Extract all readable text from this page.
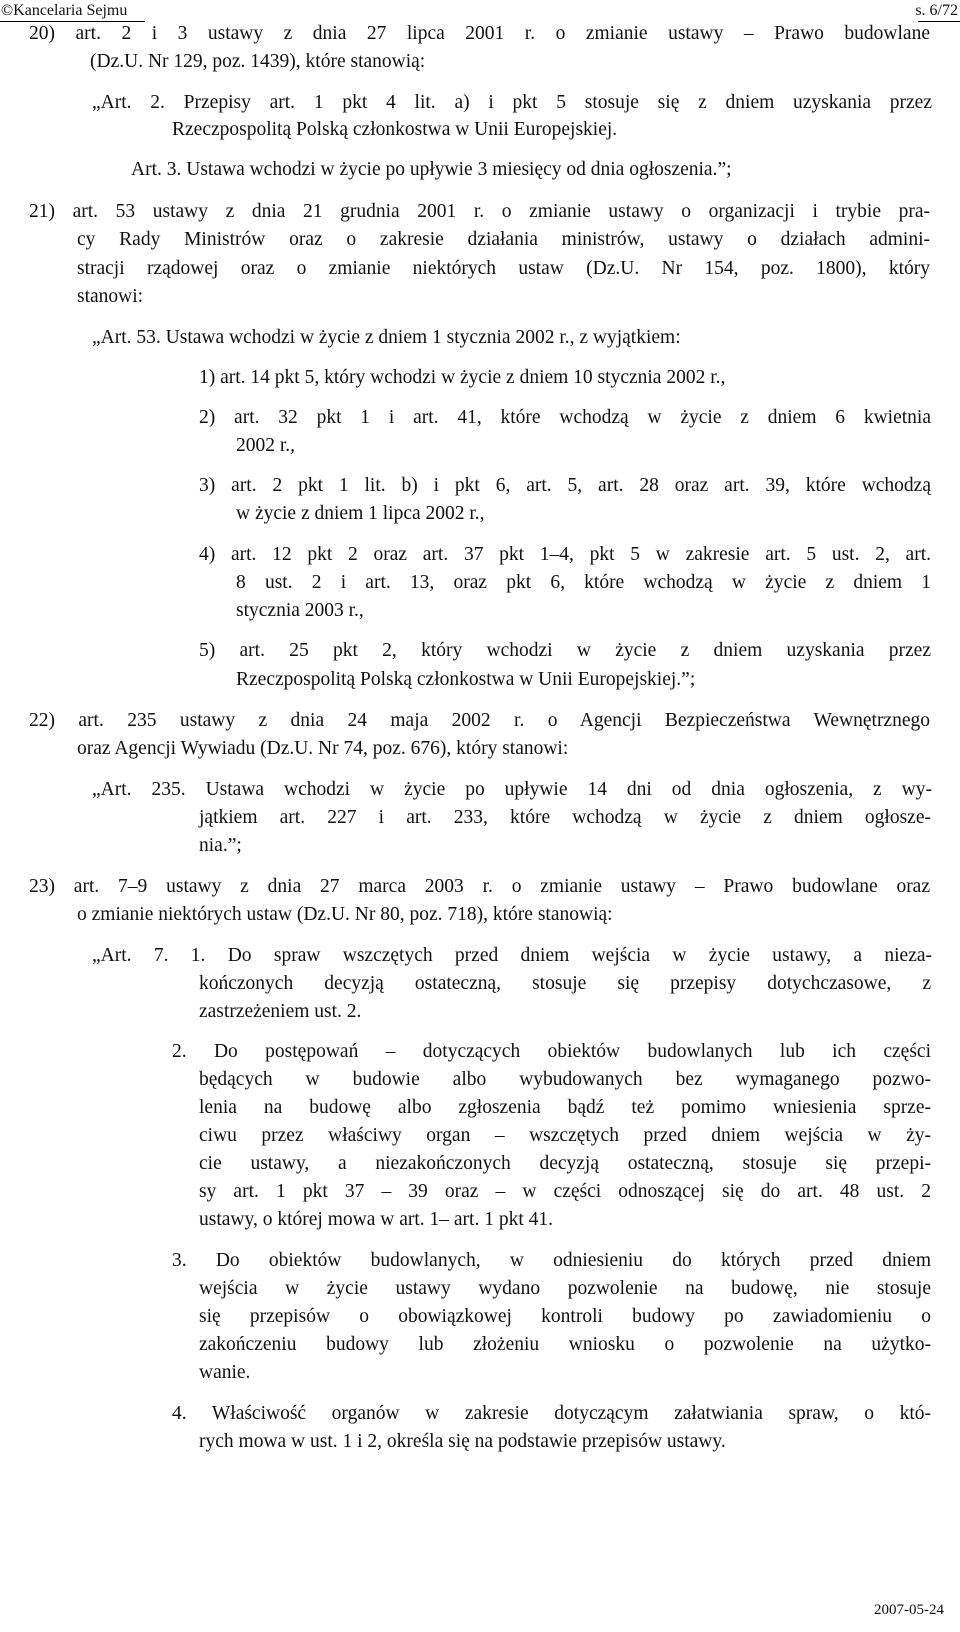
©Kancelaria Sejmu	s. 6/72
20) art. 2 i 3 ustawy z dnia 27 lipca 2001 r. o zmianie ustawy – Prawo budowlane
(Dz.U. Nr 129, poz. 1439), które stanowią:
„Art. 2. Przepisy art. 1 pkt 4 lit. a) i pkt 5 stosuje się z dniem uzyskania przez
Rzeczpospolitą Polską członkostwa w Unii Europejskiej.
Art. 3. Ustawa wchodzi w życie po upływie 3 miesięcy od dnia ogłoszenia.”;
21) art. 53 ustawy z dnia 21 grudnia 2001 r. o zmianie ustawy o organizacji i trybie pra-
cy Rady Ministrów oraz o zakresie działania ministrów, ustawy o działach admini-
stracji rządowej oraz o zmianie niektórych ustaw (Dz.U. Nr 154, poz. 1800), który
stanowi:
„Art. 53. Ustawa wchodzi w życie z dniem 1 stycznia 2002 r., z wyjątkiem:
1) art. 14 pkt 5, który wchodzi w życie z dniem 10 stycznia 2002 r.,
2) art. 32 pkt 1 i art. 41, które wchodzą w życie z dniem 6 kwietnia
2002 r.,
3) art. 2 pkt 1 lit. b) i pkt 6, art. 5, art. 28 oraz art. 39, które wchodzą
w życie z dniem 1 lipca 2002 r.,
4) art. 12 pkt 2 oraz art. 37 pkt 1–4, pkt 5 w zakresie art. 5 ust. 2, art.
8 ust. 2 i art. 13, oraz pkt 6, które wchodzą w życie z dniem 1
stycznia 2003 r.,
5) art. 25 pkt 2, który wchodzi w życie z dniem uzyskania przez
Rzeczpospolitą Polską członkostwa w Unii Europejskiej.”;
22) art. 235 ustawy z dnia 24 maja 2002 r. o Agencji Bezpieczeństwa Wewnętrznego
oraz Agencji Wywiadu (Dz.U. Nr 74, poz. 676), który stanowi:
„Art. 235. Ustawa wchodzi w życie po upływie 14 dni od dnia ogłoszenia, z wy-
jątkiem art. 227 i art. 233, które wchodzą w życie z dniem ogłosze-
nia.”;
23) art. 7–9 ustawy z dnia 27 marca 2003 r. o zmianie ustawy – Prawo budowlane oraz
o zmianie niektórych ustaw (Dz.U. Nr 80, poz. 718), które stanowią:
„Art. 7. 1. Do spraw wszczętych przed dniem wejścia w życie ustawy, a nieza-
kończonych decyzją ostateczną, stosuje się przepisy dotychczasowe, z
zastrzeżeniem ust. 2.
2. Do postępowań – dotyczących obiektów budowlanych lub ich części
będących w budowie albo wybudowanych bez wymaganego pozwo-
lenia na budowę albo zgłoszenia bądź też pomimo wniesienia sprze-
ciwu przez właściwy organ – wszczętych przed dniem wejścia w ży-
cie ustawy, a niezakończonych decyzją ostateczną, stosuje się przepi-
sy art. 1 pkt 37 – 39 oraz – w części odnoszącej się do art. 48 ust. 2
ustawy, o której mowa w art. 1– art. 1 pkt 41.
3. Do obiektów budowlanych, w odniesieniu do których przed dniem
wejścia w życie ustawy wydano pozwolenie na budowę, nie stosuje
się przepisów o obowiązkowej kontroli budowy po zawiadomieniu o
zakończeniu budowy lub złożeniu wniosku o pozwolenie na użytko-
wanie.
4. Właściwość organów w zakresie dotyczącym załatwiania spraw, o któ-
rych mowa w ust. 1 i 2, określa się na podstawie przepisów ustawy.
2007-05-24
